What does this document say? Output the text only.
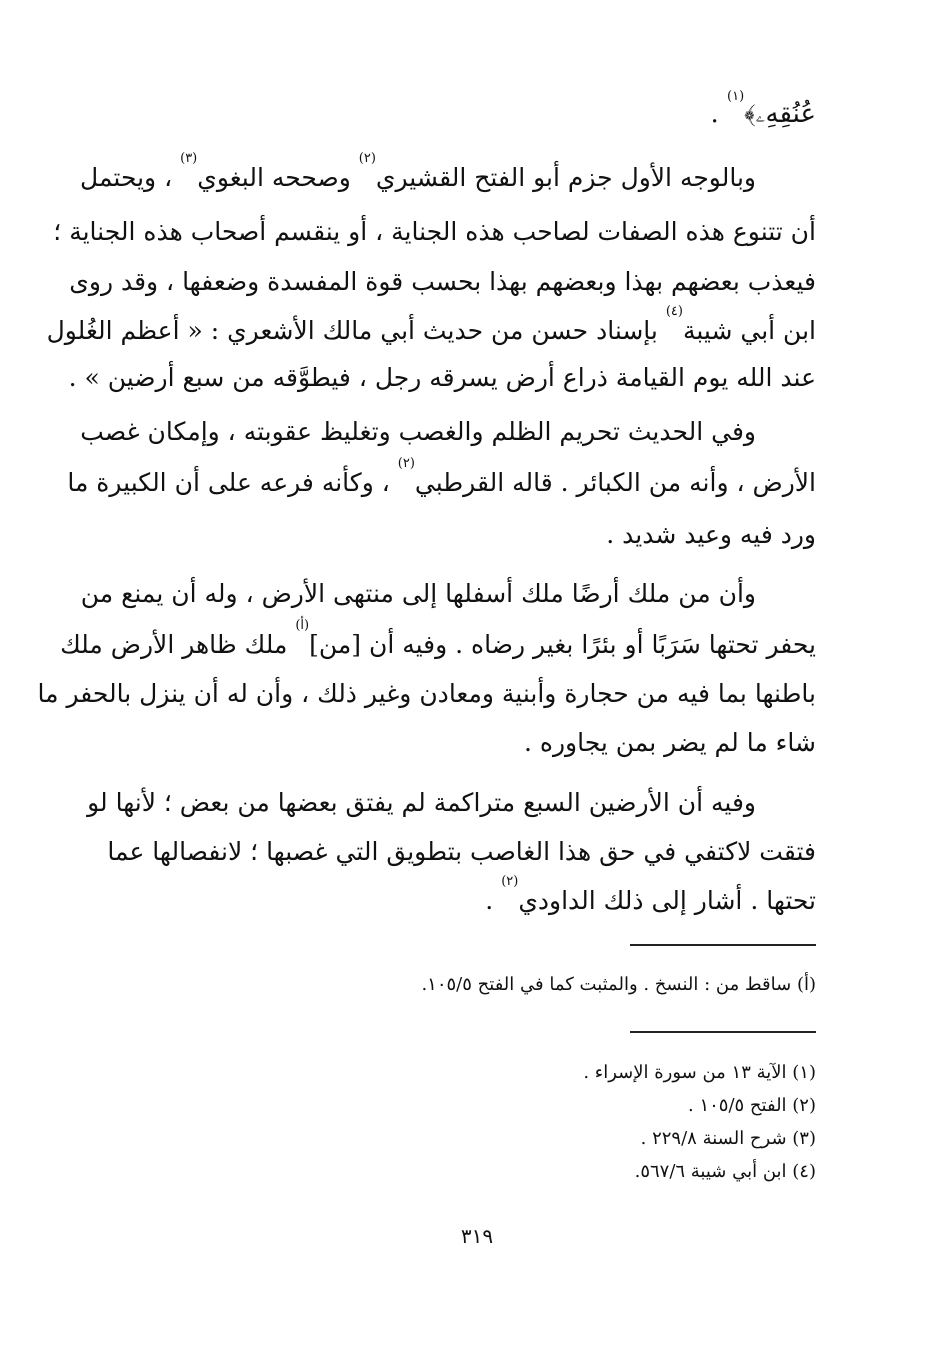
عُنُقِهِۦ﴾$^{(١)}$ .
وبالوجه الأول جزم أبو الفتح القشيري$^{(٢)}$ وصححه البغوي$^{(٣)}$ ، ويحتمل
أن تتنوع هذه الصفات لصاحب هذه الجناية ، أو ينقسم أصحاب هذه الجناية ؛
فيعذب بعضهم بهذا وبعضهم بهذا بحسب قوة المفسدة وضعفها ، وقد روى
ابن أبي شيبة$^{(٤)}$ بإسناد حسن من حديث أبي مالك الأشعري : « أعظم الغُلول
عند الله يوم القيامة ذراع أرض يسرقه رجل ، فيطوَّقه من سبع أرضين » .
وفي الحديث تحريم الظلم والغصب وتغليظ عقوبته ، وإمكان غصب
الأرض ، وأنه من الكبائر . قاله القرطبي$^{(٢)}$ ، وكأنه فرعه على أن الكبيرة ما
ورد فيه وعيد شديد .
وأن من ملك أرضًا ملك أسفلها إلى منتهى الأرض ، وله أن يمنع من
يحفر تحتها سَرَبًا أو بئرًا بغير رضاه . وفيه أن [من]$^{(أ)}$ ملك ظاهر الأرض ملك
باطنها بما فيه من حجارة وأبنية ومعادن وغير ذلك ، وأن له أن ينزل بالحفر ما
شاء ما لم يضر بمن يجاوره .
وفيه أن الأرضين السبع متراكمة لم يفتق بعضها من بعض ؛ لأنها لو
فتقت لاكتفي في حق هذا الغاصب بتطويق التي غصبها ؛ لانفصالها عما
تحتها . أشار إلى ذلك الداودي$^{(٢)}$ .
(أ) ساقط من : النسخ . والمثبت كما في الفتح ١٠٥/٥.
(١) الآية ١٣ من سورة الإسراء .
(٢) الفتح ١٠٥/٥ .
(٣) شرح السنة ٢٢٩/٨ .
(٤) ابن أبي شيبة ٥٦٧/٦.
٣١٩
